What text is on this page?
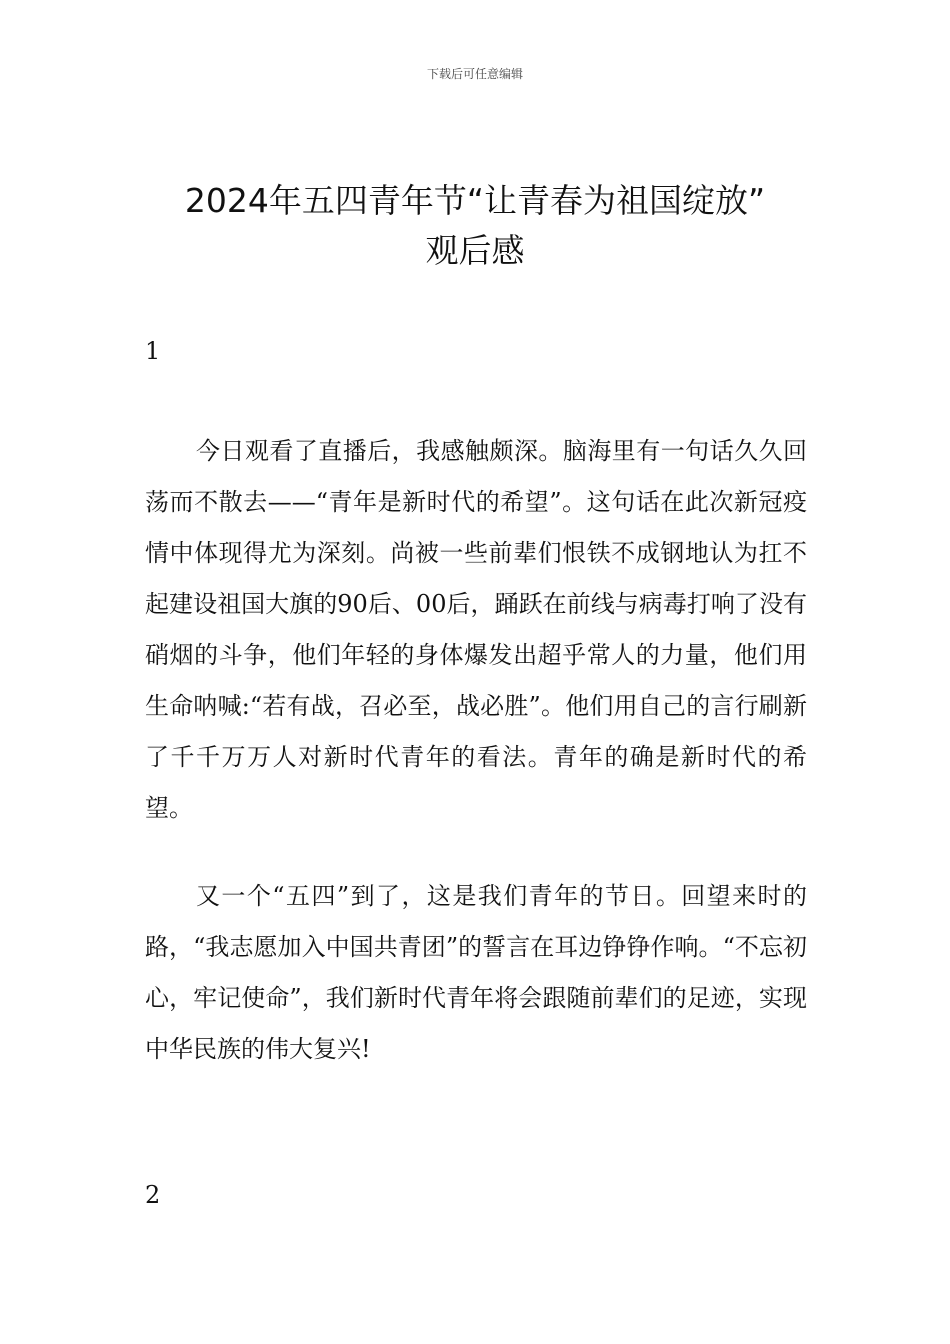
下载后可任意编辑
2024年五四青年节“让青春为祖国绽放”
观后感
1

今日观看了直播后，我感触颇深。脑海里有一句话久久回荡而不散去——“青年是新时代的希望”。这句话在此次新冠疫情中体现得尤为深刻。尚被一些前辈们恨铁不成钢地认为扛不起建设祖国大旗的90后、00后，踊跃在前线与病毒打响了没有硝烟的斗争，他们年轻的身体爆发出超乎常人的力量，他们用生命呐喊:“若有战，召必至，战必胜”。他们用自己的言行刷新了千千万万人对新时代青年的看法。青年的确是新时代的希望。

又一个“五四”到了，这是我们青年的节日。回望来时的路，“我志愿加入中国共青团”的誓言在耳边铮铮作响。“不忘初心，牢记使命”，我们新时代青年将会跟随前辈们的足迹，实现中华民族的伟大复兴!

2
